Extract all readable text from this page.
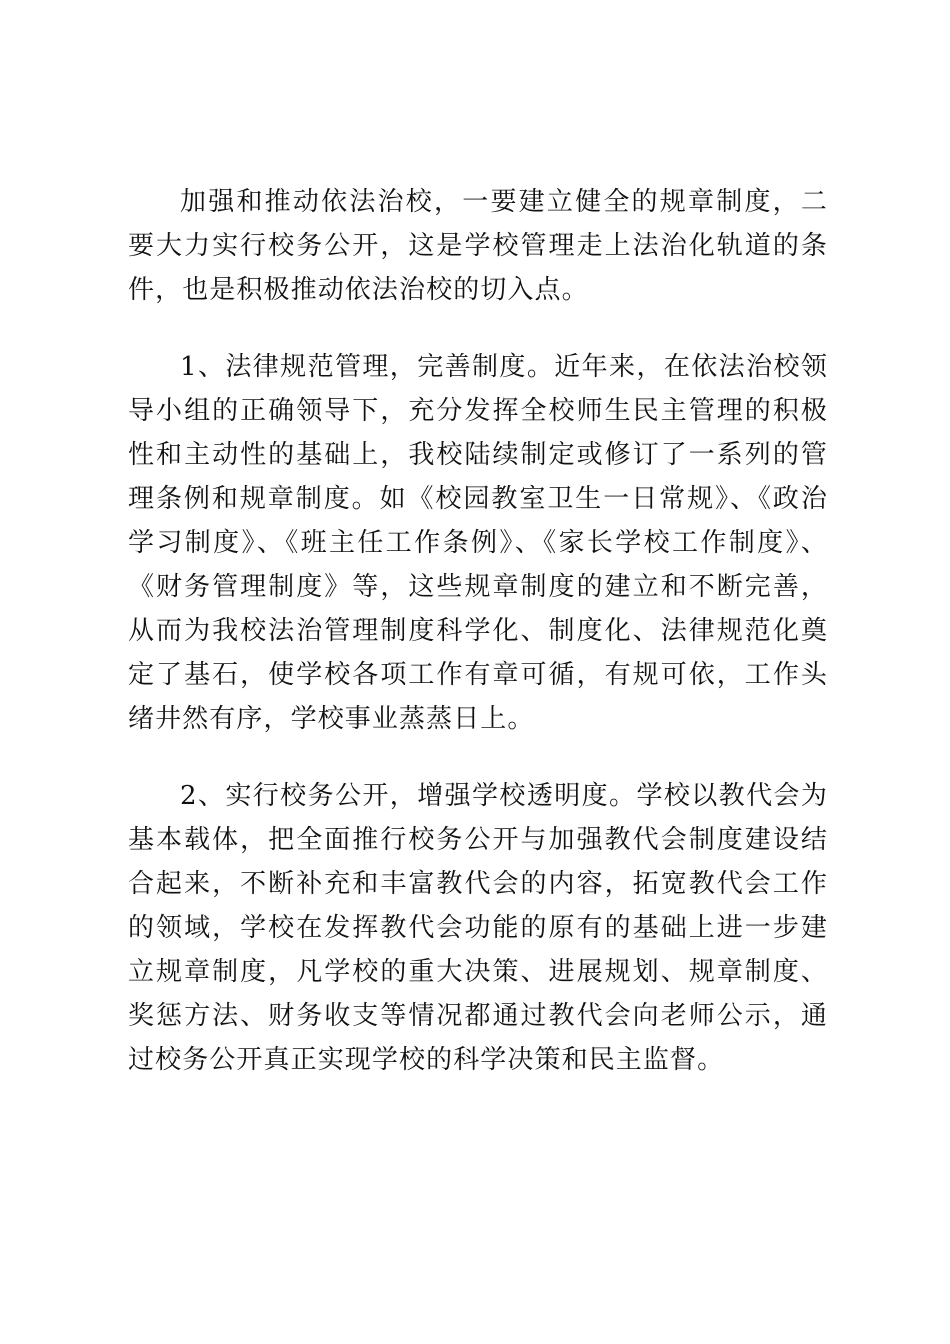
加强和推动依法治校，一要建立健全的规章制度，二要大力实行校务公开，这是学校管理走上法治化轨道的条件，也是积极推动依法治校的切入点。

1、法律规范管理，完善制度。近年来，在依法治校领导小组的正确领导下，充分发挥全校师生民主管理的积极性和主动性的基础上，我校陆续制定或修订了一系列的管理条例和规章制度。如《校园教室卫生一日常规》、《政治学习制度》、《班主任工作条例》、《家长学校工作制度》、《财务管理制度》等，这些规章制度的建立和不断完善，从而为我校法治管理制度科学化、制度化、法律规范化奠定了基石，使学校各项工作有章可循，有规可依，工作头绪井然有序，学校事业蒸蒸日上。

2、实行校务公开，增强学校透明度。学校以教代会为基本载体，把全面推行校务公开与加强教代会制度建设结合起来，不断补充和丰富教代会的内容，拓宽教代会工作的领域，学校在发挥教代会功能的原有的基础上进一步建立规章制度，凡学校的重大决策、进展规划、规章制度、奖惩方法、财务收支等情况都通过教代会向老师公示，通过校务公开真正实现学校的科学决策和民主监督。
